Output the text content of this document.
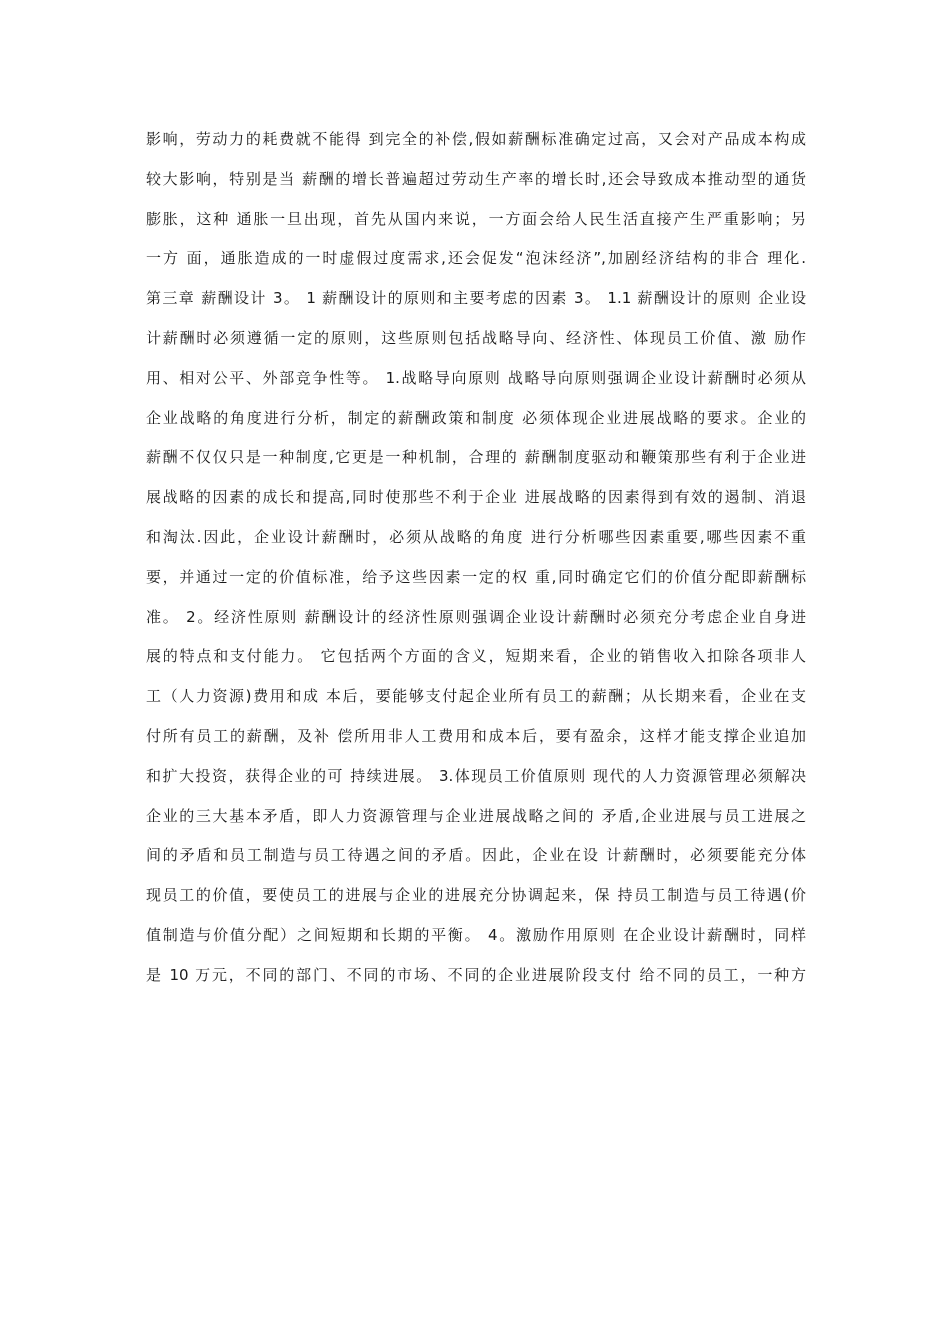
影响，劳动力的耗费就不能得 到完全的补偿,假如薪酬标准确定过高，又会对产品成本构成
较大影响，特别是当 薪酬的增长普遍超过劳动生产率的增长时,还会导致成本推动型的通货
膨胀，这种 通胀一旦出现，首先从国内来说，一方面会给人民生活直接产生严重影响；另
一方 面，通胀造成的一时虚假过度需求,还会促发“泡沫经济”,加剧经济结构的非合 理化.
第三章 薪酬设计 3。 1 薪酬设计的原则和主要考虑的因素 3。 1.1 薪酬设计的原则 企业设
计薪酬时必须遵循一定的原则，这些原则包括战略导向、经济性、体现员工价值、激 励作
用、相对公平、外部竞争性等。 1.战略导向原则 战略导向原则强调企业设计薪酬时必须从
企业战略的角度进行分析，制定的薪酬政策和制度 必须体现企业进展战略的要求。企业的
薪酬不仅仅只是一种制度,它更是一种机制，合理的 薪酬制度驱动和鞭策那些有利于企业进
展战略的因素的成长和提高,同时使那些不利于企业 进展战略的因素得到有效的遏制、消退
和淘汰.因此，企业设计薪酬时，必须从战略的角度 进行分析哪些因素重要,哪些因素不重
要，并通过一定的价值标准，给予这些因素一定的权 重,同时确定它们的价值分配即薪酬标
准。 2。经济性原则 薪酬设计的经济性原则强调企业设计薪酬时必须充分考虑企业自身进
展的特点和支付能力。 它包括两个方面的含义，短期来看，企业的销售收入扣除各项非人
工（人力资源)费用和成 本后，要能够支付起企业所有员工的薪酬；从长期来看，企业在支
付所有员工的薪酬，及补 偿所用非人工费用和成本后，要有盈余，这样才能支撑企业追加
和扩大投资，获得企业的可 持续进展。 3.体现员工价值原则 现代的人力资源管理必须解决
企业的三大基本矛盾，即人力资源管理与企业进展战略之间的 矛盾,企业进展与员工进展之
间的矛盾和员工制造与员工待遇之间的矛盾。因此，企业在设 计薪酬时，必须要能充分体
现员工的价值，要使员工的进展与企业的进展充分协调起来，保 持员工制造与员工待遇(价
值制造与价值分配）之间短期和长期的平衡。 4。激励作用原则 在企业设计薪酬时，同样
是 10 万元，不同的部门、不同的市场、不同的企业进展阶段支付 给不同的员工，一种方
